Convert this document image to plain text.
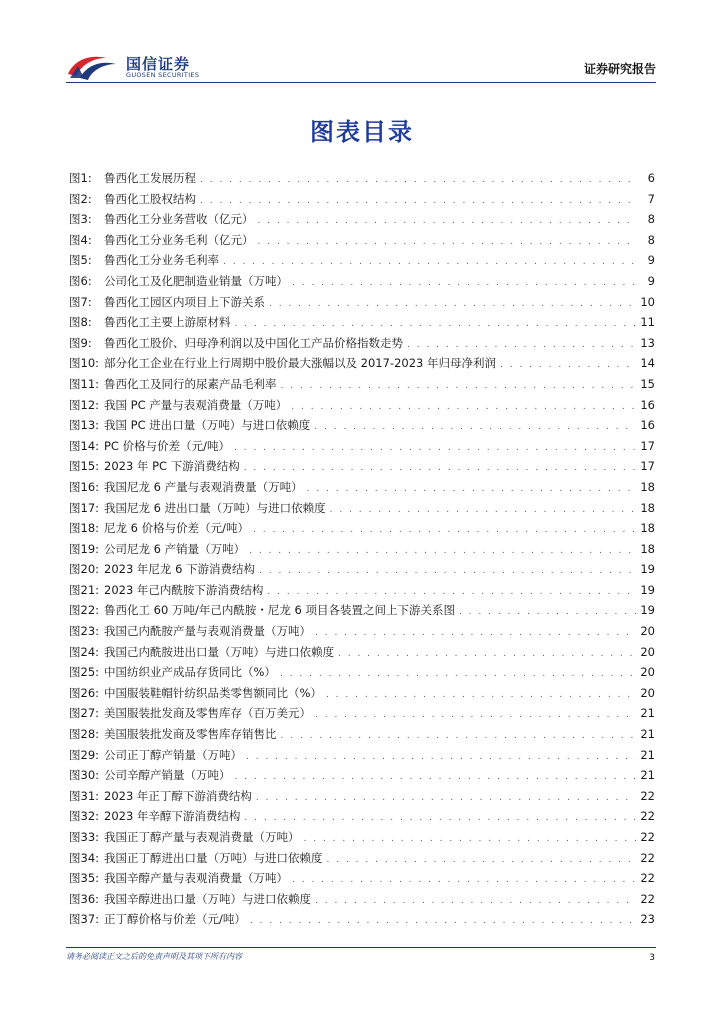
国信证券
GUOSEN SECURITIES	证券研究报告
图表目录
图1:	鲁西化工发展历程 . . .	6
图2:	鲁西化工股权结构 . . .	7
图3:	鲁西化工分业务营收（亿元） . . .	8
图4:	鲁西化工分业务毛利（亿元） . . .	8
图5:	鲁西化工分业务毛利率 . . .	9
图6:	公司化工及化肥制造业销量（万吨） . . .	9
图7:	鲁西化工园区内项目上下游关系 . . .	10
图8:	鲁西化工主要上游原材料 . . .	11
图9:	鲁西化工股价、归母净利润以及中国化工产品价格指数走势 . . .	13
图10: 部分化工企业在行业上行周期中股价最大涨幅以及 2017-2023 年归母净利润 . . .	14
图11: 鲁西化工及同行的尿素产品毛利率 . . .	15
图12: 我国 PC 产量与表观消费量（万吨） . . .	16
图13: 我国 PC 进出口量（万吨）与进口依赖度 . . .	16
图14: PC 价格与价差（元/吨） . . .	17
图15: 2023 年 PC 下游消费结构 . . .	17
图16: 我国尼龙 6 产量与表观消费量（万吨） . . .	18
图17: 我国尼龙 6 进出口量（万吨）与进口依赖度 . . .	18
图18: 尼龙 6 价格与价差（元/吨） . . .	18
图19: 公司尼龙 6 产销量（万吨） . . .	18
图20: 2023 年尼龙 6 下游消费结构 . . .	19
图21: 2023 年己内酰胺下游消费结构 . . .	19
图22: 鲁西化工 60 万吨/年己内酰胺・尼龙 6 项目各装置之间上下游关系图 . . .	19
图23: 我国己内酰胺产量与表观消费量（万吨） . . .	20
图24: 我国己内酰胺进出口量（万吨）与进口依赖度 . . .	20
图25: 中国纺织业产成品存货同比（%） . . .	20
图26: 中国服装鞋帽针纺织品类零售额同比（%） . . .	20
图27: 美国服装批发商及零售库存（百万美元） . . .	21
图28: 美国服装批发商及零售库存销售比 . . .	21
图29: 公司正丁醇产销量（万吨） . . .	21
图30: 公司辛醇产销量（万吨） . . .	21
图31: 2023 年正丁醇下游消费结构 . . .	22
图32: 2023 年辛醇下游消费结构 . . .	22
图33: 我国正丁醇产量与表观消费量（万吨） . . .	22
图34: 我国正丁醇进出口量（万吨）与进口依赖度 . . .	22
图35: 我国辛醇产量与表观消费量（万吨） . . .	22
图36: 我国辛醇进出口量（万吨）与进口依赖度 . . .	22
图37: 正丁醇价格与价差（元/吨） . . .	23
请务必阅读正文之后的免责声明及其项下所有内容	3
